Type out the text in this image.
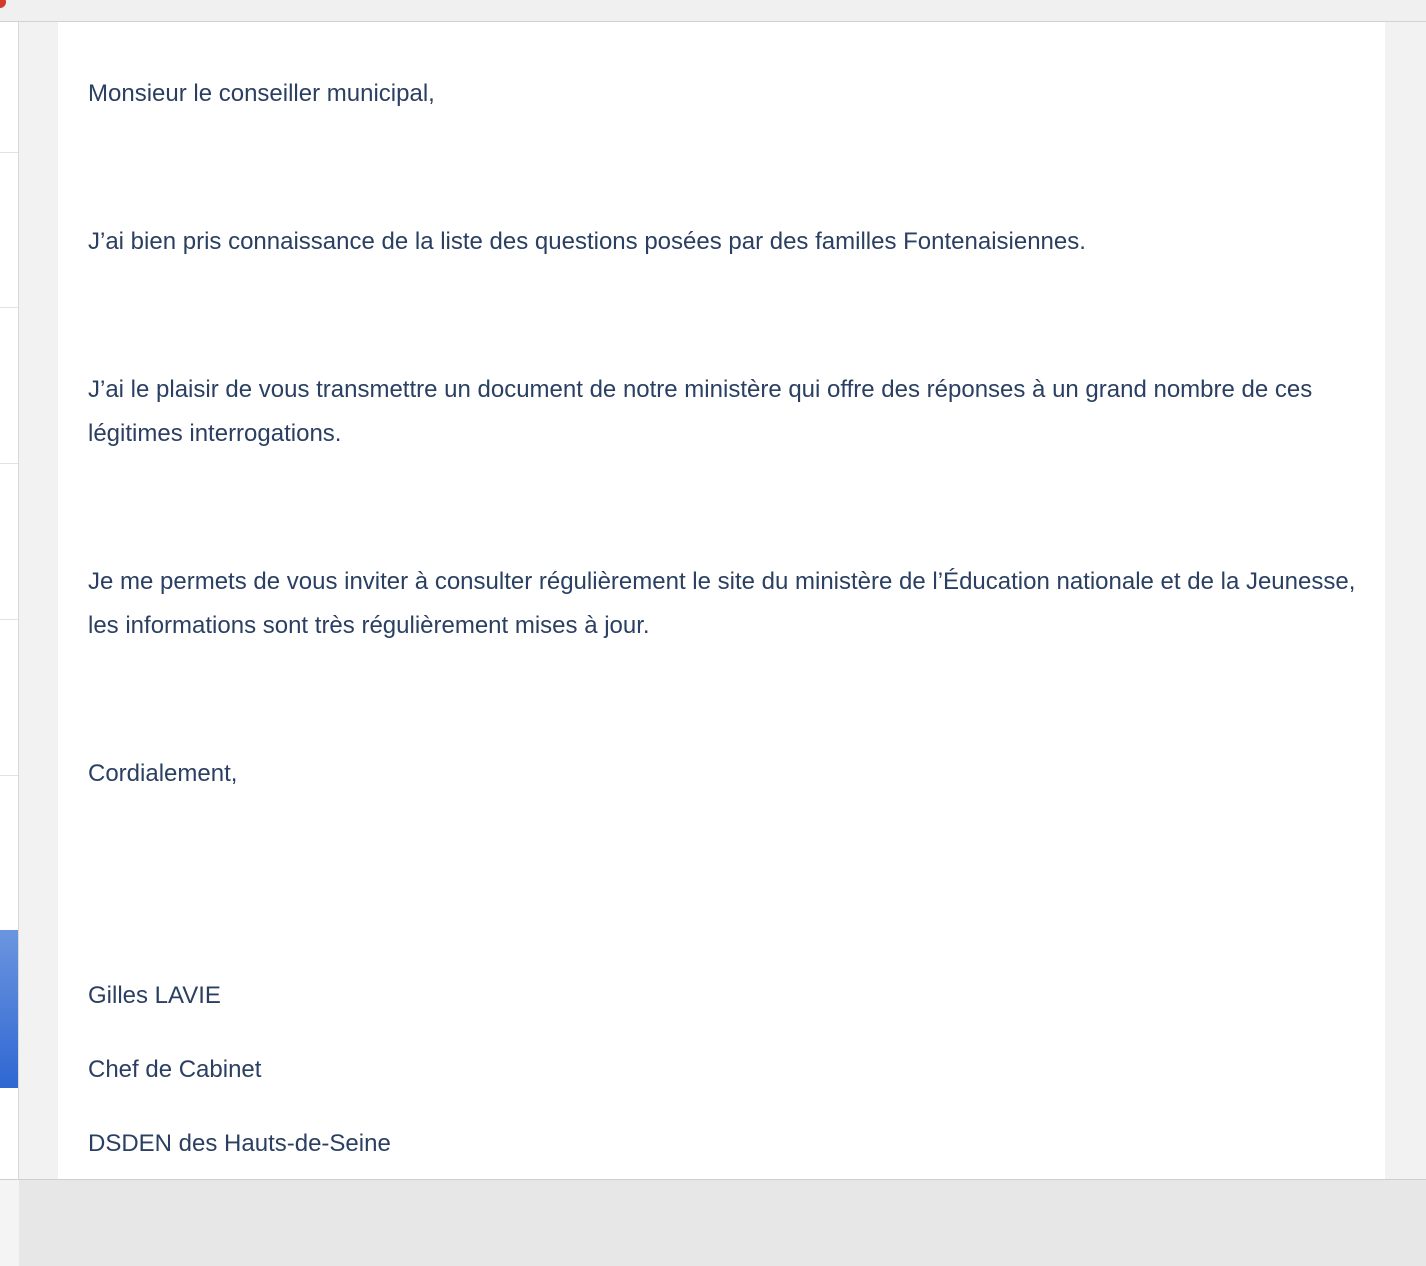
Monsieur le conseiller municipal,

J’ai bien pris connaissance de la liste des questions posées par des familles Fontenaisiennes.

J’ai le plaisir de vous transmettre un document de notre ministère qui offre des réponses à un grand nombre de ces légitimes interrogations.

Je me permets de vous inviter à consulter régulièrement le site du ministère de l’Éducation nationale et de la Jeunesse, les informations sont très régulièrement mises à jour.

Cordialement,

Gilles LAVIE

Chef de Cabinet

DSDEN des Hauts-de-Seine
